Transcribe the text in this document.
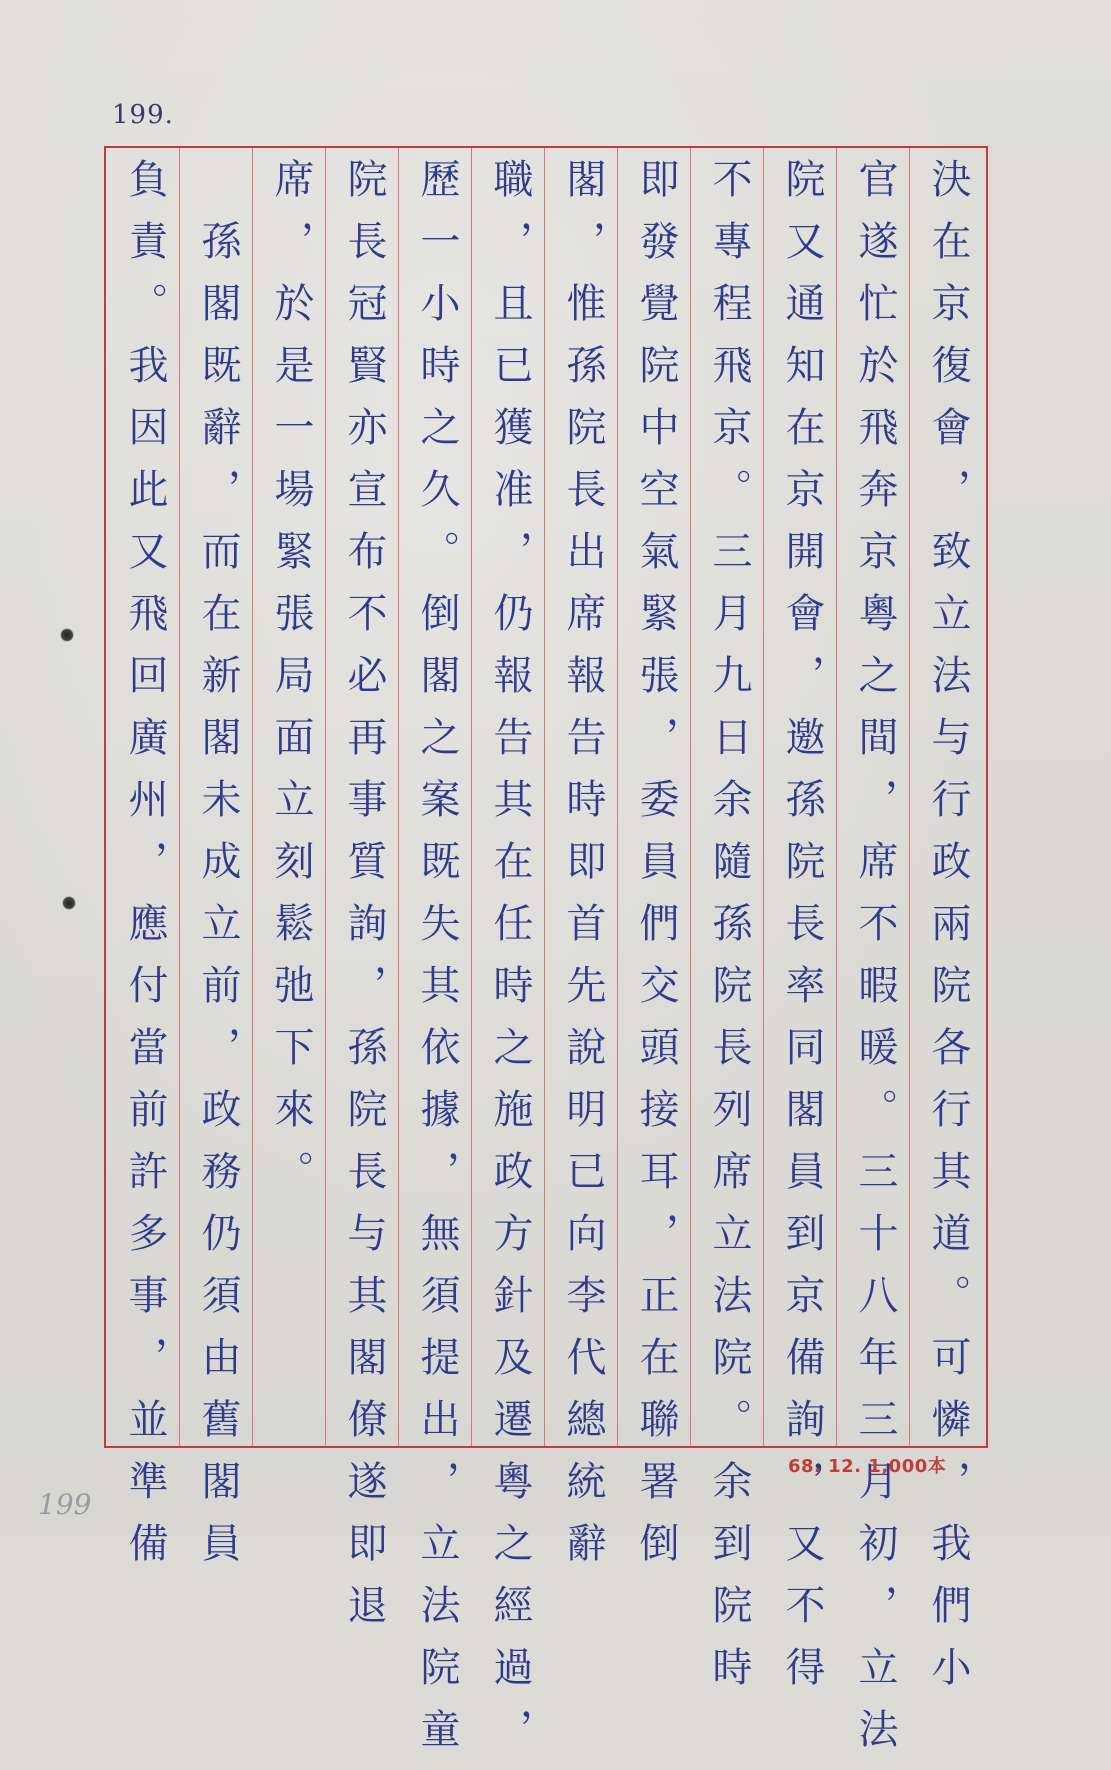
199.
決在京復會，致立法与行政兩院各行其道。可憐，我們小
官遂忙於飛奔京粵之間，席不暇暖。三十八年三月初，立法
院又通知在京開會，邀孫院長率同閣員到京備詢，又不得
不專程飛京。三月九日余隨孫院長列席立法院。余到院時
即發覺院中空氣緊張，委員們交頭接耳，正在聯署倒
閣，惟孫院長出席報告時即首先說明已向李代總統辭
職，且已獲准，仍報告其在任時之施政方針及遷粵之經過，
歷一小時之久。倒閣之案既失其依據，無須提出，立法院童
院長冠賢亦宣布不必再事質詢，孫院長与其閣僚遂即退
席，於是一場緊張局面立刻鬆弛下來。
　孫閣既辭，而在新閣未成立前，政務仍須由舊閣員
負責。我因此又飛回廣州，應付當前許多事，並準備	68. 12. 1,000本
199
